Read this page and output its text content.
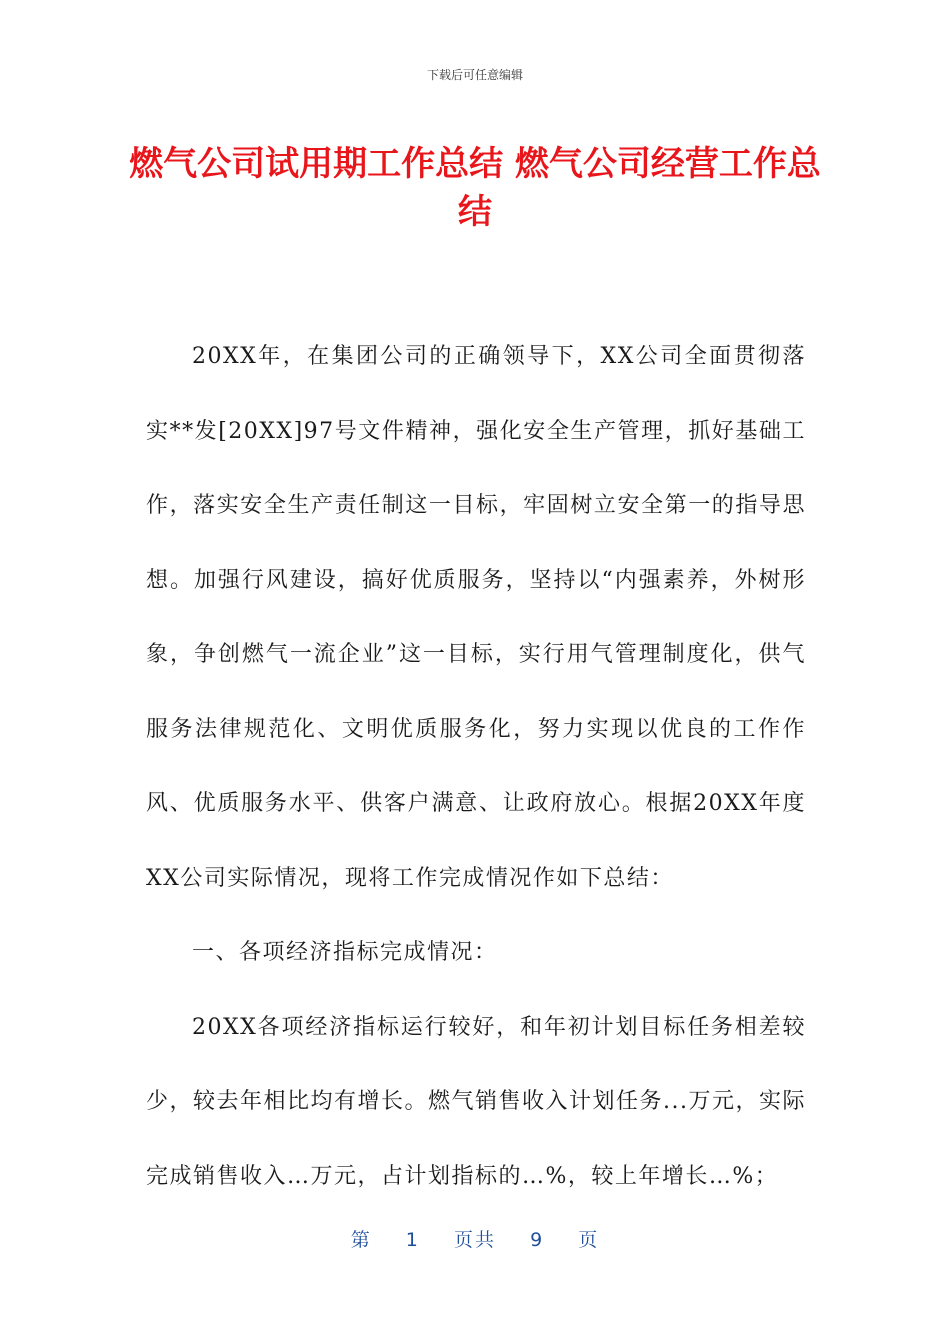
下载后可任意编辑
燃气公司试用期工作总结 燃气公司经营工作总结

20XX年，在集团公司的正确领导下，XX公司全面贯彻落实**发[20XX]97号文件精神，强化安全生产管理，抓好基础工作，落实安全生产责任制这一目标，牢固树立安全第一的指导思想。加强行风建设，搞好优质服务，坚持以“内强素养，外树形象，争创燃气一流企业”这一目标，实行用气管理制度化，供气服务法律规范化、文明优质服务化，努力实现以优良的工作作风、优质服务水平、供客户满意、让政府放心。根据20XX年度XX公司实际情况，现将工作完成情况作如下总结：

一、各项经济指标完成情况：

20XX各项经济指标运行较好，和年初计划目标任务相差较少，较去年相比均有增长。燃气销售收入计划任务...万元，实际完成销售收入…万元，占计划指标的…%，较上年增长…%；

第 1 页共 9 页
